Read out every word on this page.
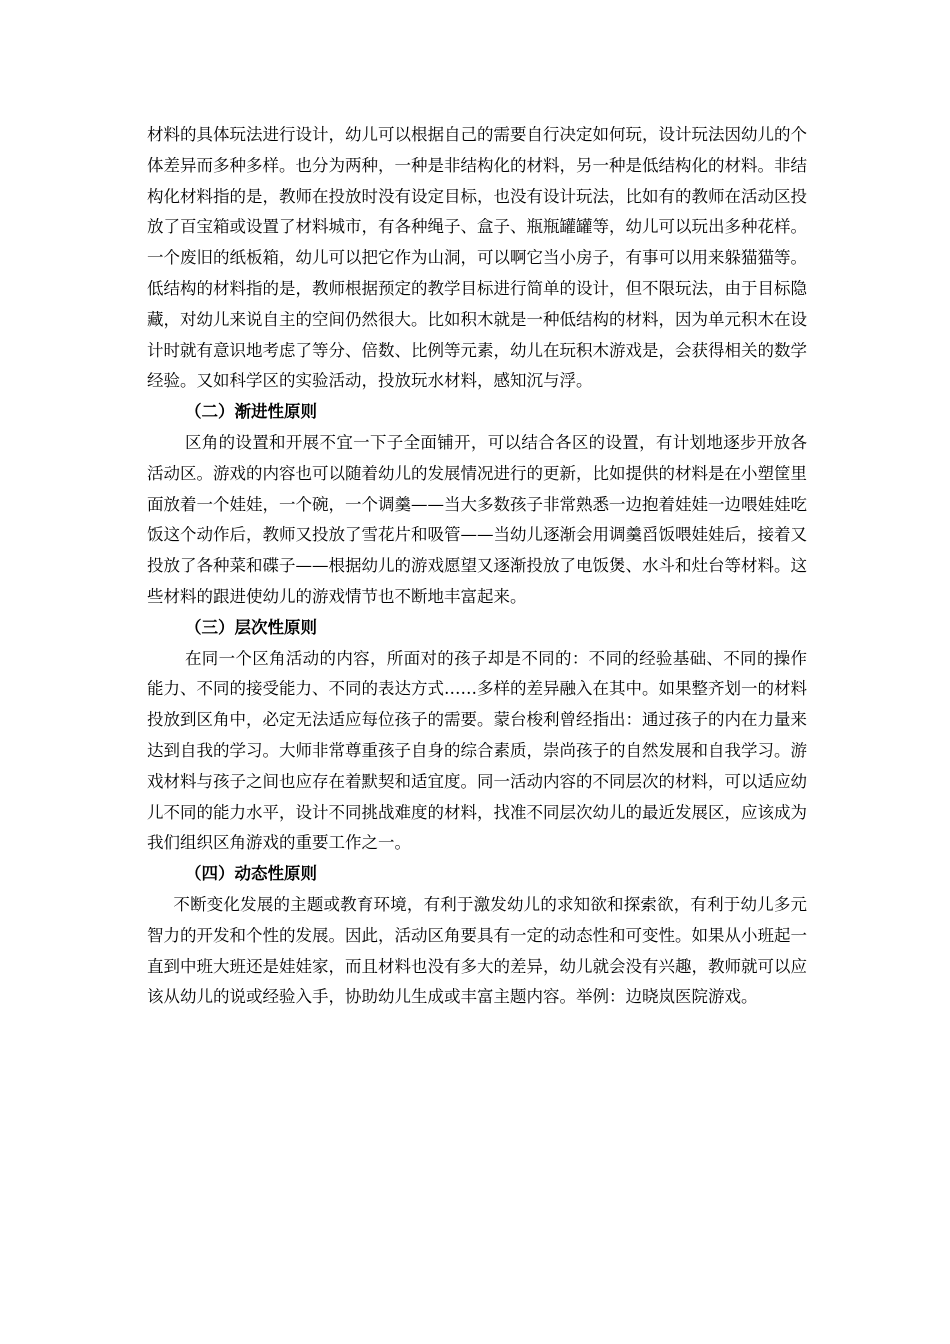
材料的具体玩法进行设计，幼儿可以根据自己的需要自行决定如何玩，设计玩法因幼儿的个体差异而多种多样。也分为两种，一种是非结构化的材料，另一种是低结构化的材料。非结构化材料指的是，教师在投放时没有设定目标，也没有设计玩法，比如有的教师在活动区投放了百宝箱或设置了材料城市，有各种绳子、盒子、瓶瓶罐罐等，幼儿可以玩出多种花样。一个废旧的纸板箱，幼儿可以把它作为山洞，可以啊它当小房子，有事可以用来躲猫猫等。低结构的材料指的是，教师根据预定的教学目标进行简单的设计，但不限玩法，由于目标隐藏，对幼儿来说自主的空间仍然很大。比如积木就是一种低结构的材料，因为单元积木在设计时就有意识地考虑了等分、倍数、比例等元素，幼儿在玩积木游戏是，会获得相关的数学经验。又如科学区的实验活动，投放玩水材料，感知沉与浮。

（二）渐进性原则

区角的设置和开展不宜一下子全面铺开，可以结合各区的设置，有计划地逐步开放各活动区。游戏的内容也可以随着幼儿的发展情况进行的更新，比如提供的材料是在小塑筐里面放着一个娃娃，一个碗，一个调羹——当大多数孩子非常熟悉一边抱着娃娃一边喂娃娃吃饭这个动作后，教师又投放了雪花片和吸管——当幼儿逐渐会用调羹舀饭喂娃娃后，接着又投放了各种菜和碟子——根据幼儿的游戏愿望又逐渐投放了电饭煲、水斗和灶台等材料。这些材料的跟进使幼儿的游戏情节也不断地丰富起来。

（三）层次性原则

在同一个区角活动的内容，所面对的孩子却是不同的：不同的经验基础、不同的操作能力、不同的接受能力、不同的表达方式……多样的差异融入在其中。如果整齐划一的材料投放到区角中，必定无法适应每位孩子的需要。蒙台梭利曾经指出：通过孩子的内在力量来达到自我的学习。大师非常尊重孩子自身的综合素质，崇尚孩子的自然发展和自我学习。游戏材料与孩子之间也应存在着默契和适宜度。同一活动内容的不同层次的材料，可以适应幼儿不同的能力水平，设计不同挑战难度的材料，找准不同层次幼儿的最近发展区，应该成为我们组织区角游戏的重要工作之一。

（四）动态性原则

不断变化发展的主题或教育环境，有利于激发幼儿的求知欲和探索欲，有利于幼儿多元智力的开发和个性的发展。因此，活动区角要具有一定的动态性和可变性。如果从小班起一直到中班大班还是娃娃家，而且材料也没有多大的差异，幼儿就会没有兴趣，教师就可以应该从幼儿的说或经验入手，协助幼儿生成或丰富主题内容。举例：边晓岚医院游戏。
